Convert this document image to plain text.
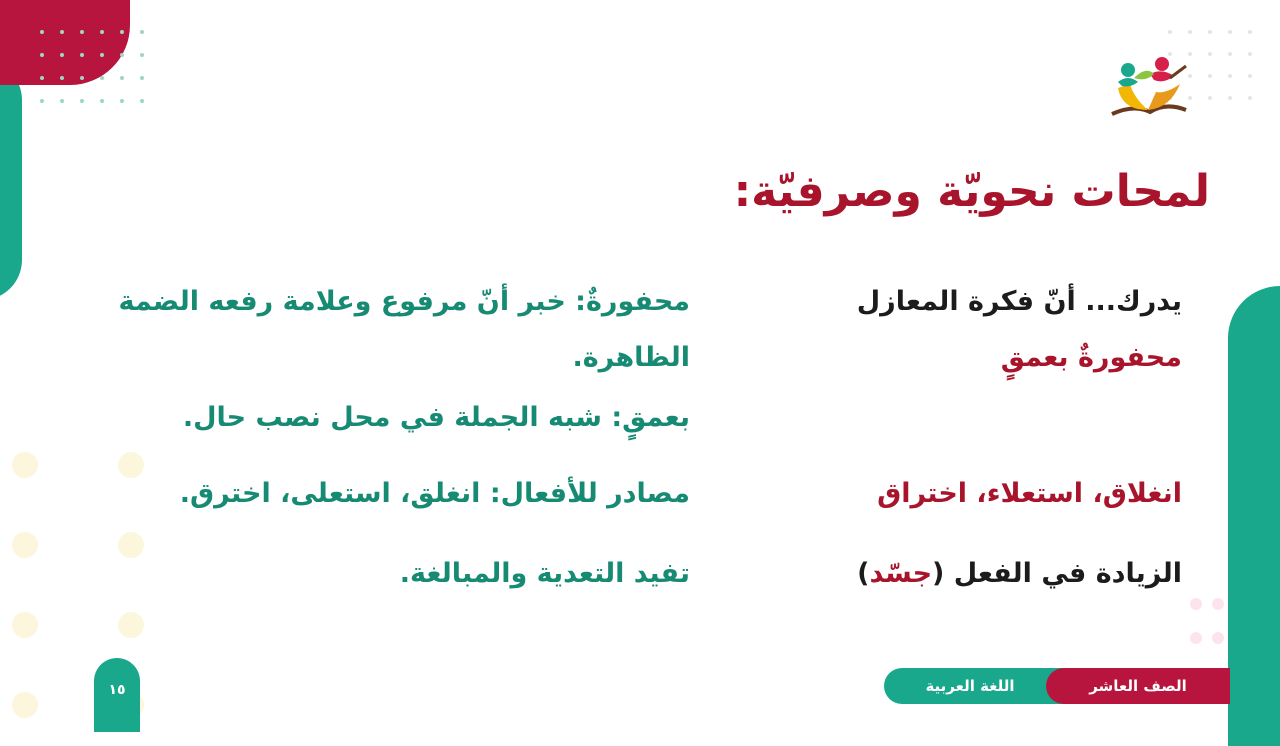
لمحات نحويّة وصرفيّة:
يدرك... أنّ فكرة المعازل
محفورةٌ بعمقٍ
محفورةٌ: خبر أنّ مرفوع وعلامة رفعه الضمة
الظاهرة.
بعمقٍ: شبه الجملة في محل نصب حال.
انغلاق، استعلاء، اختراق
مصادر للأفعال: انغلق، استعلى، اخترق.
الزيادة في الفعل (جسّد)
تفيد التعدية والمبالغة.
١٥	اللغة العربية	الصف العاشر
